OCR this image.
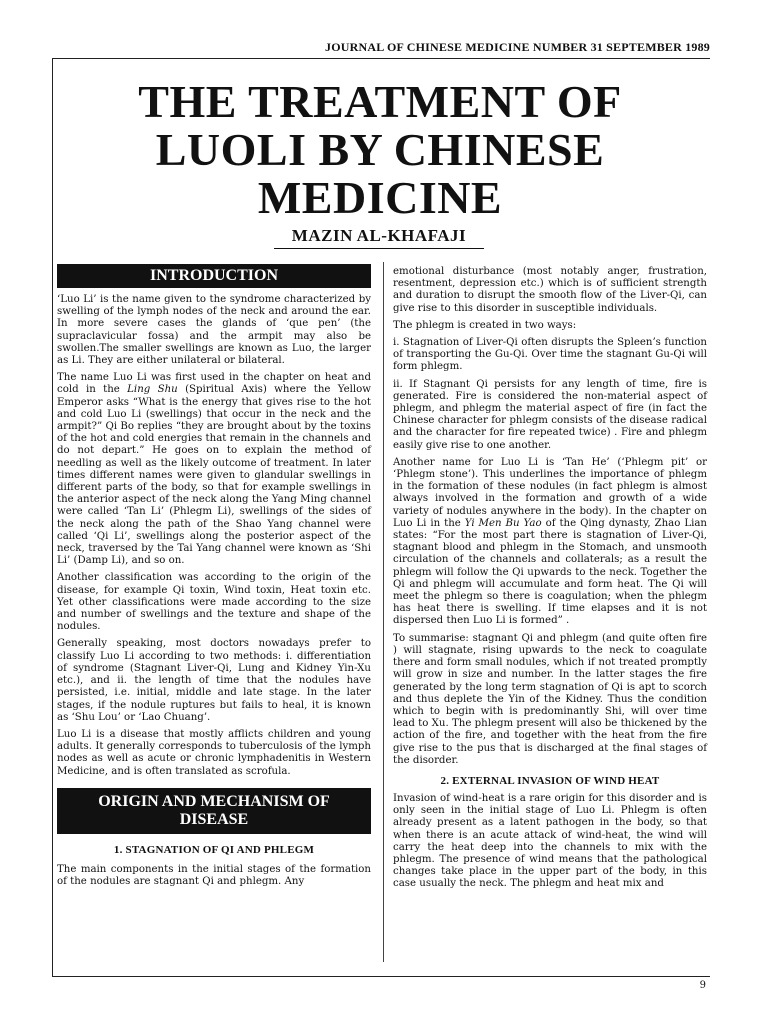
JOURNAL OF CHINESE MEDICINE NUMBER 31 SEPTEMBER 1989
THE TREATMENT OF LUOLI BY CHINESE MEDICINE
MAZIN AL-KHAFAJI
INTRODUCTION

‘Luo Li’ is the name given to the syndrome characterized by swelling of the lymph nodes of the neck and around the ear. In more severe cases the glands of ‘que pen’ (the supraclavicular fossa) and the armpit may also be swollen.The smaller swellings are known as Luo, the larger as Li. They are either unilateral or bilateral.

The name Luo Li was first used in the chapter on heat and cold in the Ling Shu (Spiritual Axis) where the Yellow Emperor asks “What is the energy that gives rise to the hot and cold Luo Li (swellings) that occur in the neck and the armpit?” Qi Bo replies “they are brought about by the toxins of the hot and cold energies that remain in the channels and do not depart.” He goes on to explain the method of needling as well as the likely outcome of treatment. In later times different names were given to glandular swellings in different parts of the body, so that for example swellings in the anterior aspect of the neck along the Yang Ming channel were called ‘Tan Li’ (Phlegm Li), swellings of the sides of the neck along the path of the Shao Yang channel were called ‘Qi Li’, swellings along the posterior aspect of the neck, traversed by the Tai Yang channel were known as ‘Shi Li’ (Damp Li), and so on.

Another classification was according to the origin of the disease, for example Qi toxin, Wind toxin, Heat toxin etc. Yet other classifications were made according to the size and number of swellings and the texture and shape of the nodules.

Generally speaking, most doctors nowadays prefer to classify Luo Li according to two methods: i. differentiation of syndrome (Stagnant Liver-Qi, Lung and Kidney Yin-Xu etc.), and ii. the length of time that the nodules have persisted, i.e. initial, middle and late stage. In the later stages, if the nodule ruptures but fails to heal, it is known as ‘Shu Lou’ or ‘Lao Chuang’.

Luo Li is a disease that mostly afflicts children and young adults. It generally corresponds to tuberculosis of the lymph nodes as well as acute or chronic lymphadenitis in Western Medicine, and is often translated as scrofula.

ORIGIN AND MECHANISM OF DISEASE
1. STAGNATION OF QI AND PHLEGM

The main components in the initial stages of the formation of the nodules are stagnant Qi and phlegm. Any

emotional disturbance (most notably anger, frustration, resentment, depression etc.) which is of sufficient strength and duration to disrupt the smooth flow of the Liver-Qi, can give rise to this disorder in susceptible individuals.

The phlegm is created in two ways:

i. Stagnation of Liver-Qi often disrupts the Spleen’s function of transporting the Gu-Qi. Over time the stagnant Gu-Qi will form phlegm.

ii. If Stagnant Qi persists for any length of time, fire is generated. Fire is considered the non-material aspect of phlegm, and phlegm the material aspect of fire (in fact the Chinese character for phlegm consists of the disease radical and the character for fire repeated twice) . Fire and phlegm easily give rise to one another.

Another name for Luo Li is ‘Tan He’ (‘Phlegm pit’ or ‘Phlegm stone’). This underlines the importance of phlegm in the formation of these nodules (in fact phlegm is almost always involved in the formation and growth of a wide variety of nodules anywhere in the body). In the chapter on Luo Li in the Yi Men Bu Yao of the Qing dynasty, Zhao Lian states: “For the most part there is stagnation of Liver-Qi, stagnant blood and phlegm in the Stomach, and unsmooth circulation of the channels and collaterals; as a result the phlegm will follow the Qi upwards to the neck. Together the Qi and phlegm will accumulate and form heat. The Qi will meet the phlegm so there is coagulation; when the phlegm has heat there is swelling. If time elapses and it is not dispersed then Luo Li is formed” .

To summarise: stagnant Qi and phlegm (and quite often fire ) will stagnate, rising upwards to the neck to coagulate there and form small nodules, which if not treated promptly will grow in size and number. In the latter stages the fire generated by the long term stagnation of Qi is apt to scorch and thus deplete the Yin of the Kidney. Thus the condition which to begin with is predominantly Shi, will over time lead to Xu. The phlegm present will also be thickened by the action of the fire, and together with the heat from the fire give rise to the pus that is discharged at the final stages of the disorder.

2. EXTERNAL INVASION OF WIND HEAT

Invasion of wind-heat is a rare origin for this disorder and is only seen in the initial stage of Luo Li. Phlegm is often already present as a latent pathogen in the body, so that when there is an acute attack of wind-heat, the wind will carry the heat deep into the channels to mix with the phlegm. The presence of wind means that the pathological changes take place in the upper part of the body, in this case usually the neck. The phlegm and heat mix and

9
